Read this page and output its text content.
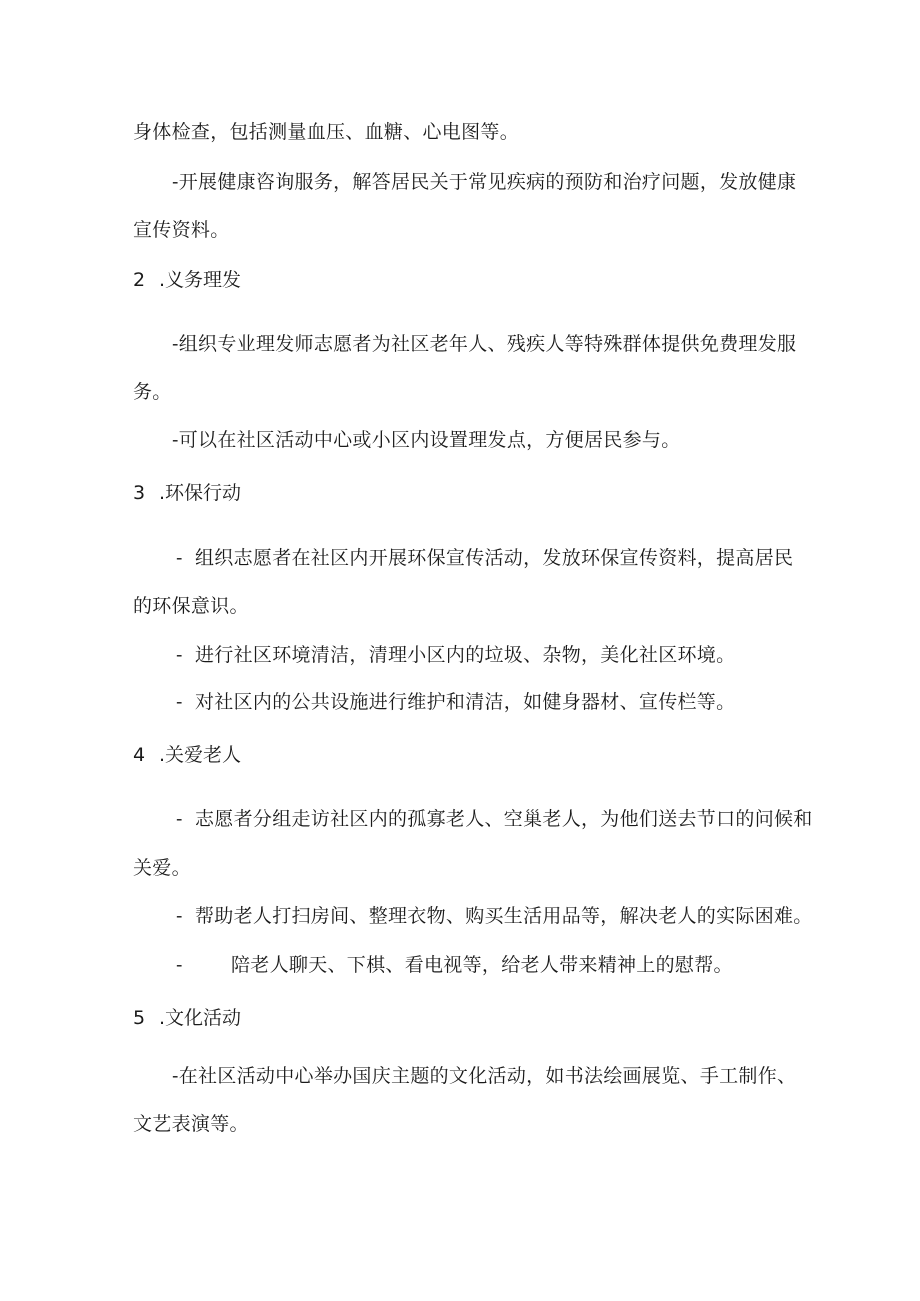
身体检查，包括测量血压、血糖、心电图等。
-开展健康咨询服务，解答居民关于常见疾病的预防和治疗问题，发放健康
宣传资料。
2 .义务理发
-组织专业理发师志愿者为社区老年人、残疾人等特殊群体提供免费理发服
务。
-可以在社区活动中心或小区内设置理发点，方便居民参与。
3 .环保行动
- 组织志愿者在社区内开展环保宣传活动，发放环保宣传资料，提高居民
的环保意识。
- 进行社区环境清洁，清理小区内的垃圾、杂物，美化社区环境。
- 对社区内的公共设施进行维护和清洁，如健身器材、宣传栏等。
4 .关爱老人
- 志愿者分组走访社区内的孤寡老人、空巢老人，为他们送去节口的问候和
关爱。
- 帮助老人打扫房间、整理衣物、购买生活用品等，解决老人的实际困难。
-	陪老人聊天、下棋、看电视等，给老人带来精神上的慰帮。
5 .文化活动
-在社区活动中心举办国庆主题的文化活动，如书法绘画展览、手工制作、
文艺表演等。
